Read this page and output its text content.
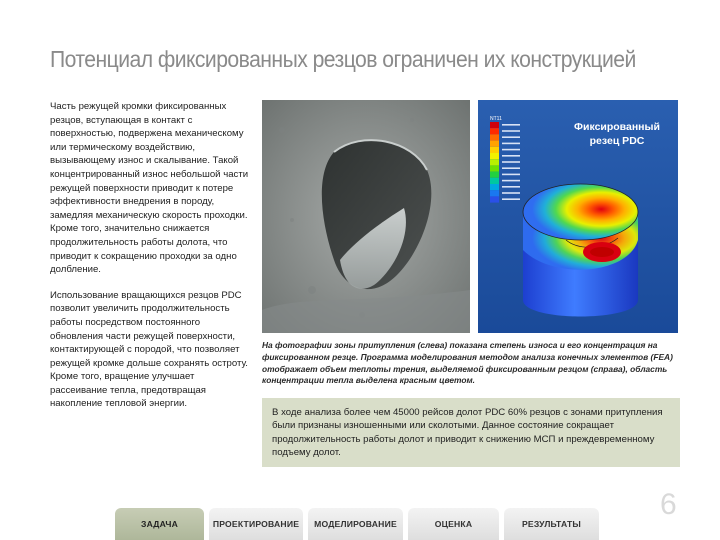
Потенциал фиксированных резцов ограничен их конструкцией

Часть режущей кромки фиксированных резцов, вступающая в контакт с поверхностью, подвержена механическому или термическому воздействию, вызывающему износ и скалывание. Такой концентрированный износ небольшой части режущей поверхности приводит к потере эффективности внедрения в породу, замедляя механическую скорость проходки. Кроме того, значительно снижается продолжительность работы долота, что приводит к сокращению проходки за одно долбление.

Использование вращающихся резцов PDC позволит увеличить продолжительность работы посредством постоянного обновления части режущей поверхности, контактирующей с породой, что позволяет режущей кромке дольше сохранять остроту. Кроме того, вращение улучшает рассеивание тепла, предотвращая накопление тепловой энергии.

NT11
Фиксированный резец PDC
На фотографии зоны притупления (слева) показана степень износа и его концентрация на фиксированном резце. Программа моделирования методом анализа конечных элементов (FEA) отображает объем теплоты трения, выделяемой фиксированным резцом (справа), область концентрации тепла выделена красным цветом.
В ходе анализа более чем 45000 рейсов долот PDC 60% резцов с зонами притупления были признаны изношенными или сколотыми. Данное состояние сокращает продолжительность работы долот и приводит к снижению МСП и преждевременному подъему долот.
6
ЗАДАЧА	ПРОЕКТИРОВАНИЕ	МОДЕЛИРОВАНИЕ	ОЦЕНКА	РЕЗУЛЬТАТЫ
